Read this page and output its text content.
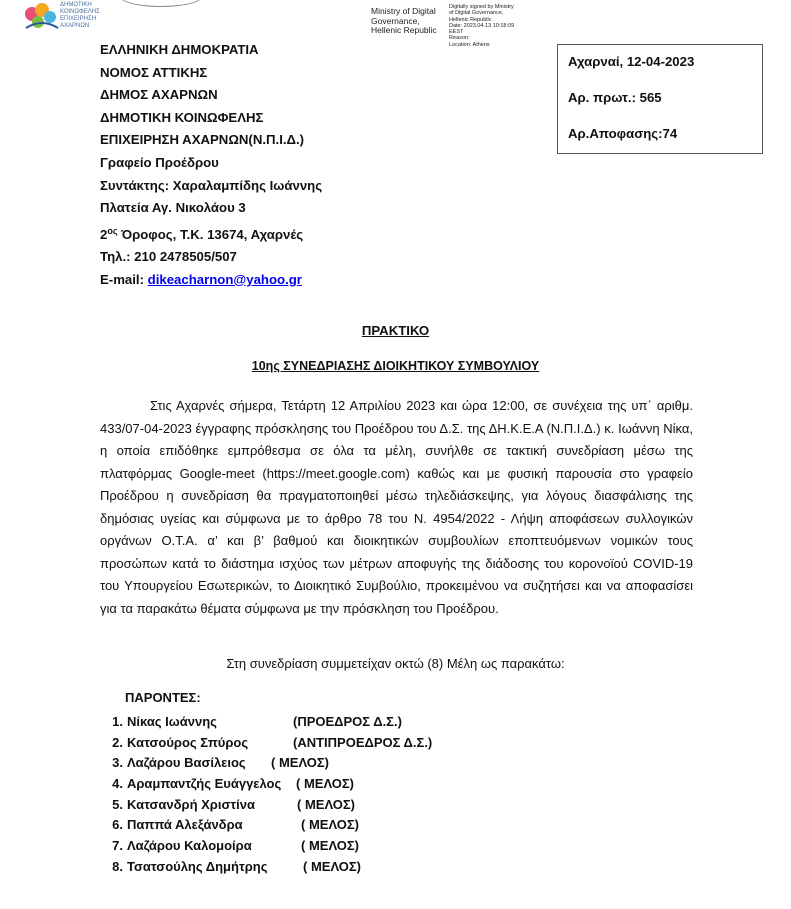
ΔΗΜΟΤΙΚΗ
ΚΟΙΝΩΦΕΛΗΣ
ΕΠΙΧΕΙΡΗΣΗ
ΑΧΑΡΝΩΝ
Ministry of Digital
Governance,
Hellenic Republic
Digitally signed by Ministry
of Digital Governance,
Hellenic Republic
Date: 2023.04.13 10:18:09
EEST
Reason:
Location: Athens
ΕΛΛΗΝΙΚΗ ΔΗΜΟΚΡΑΤΙΑ
ΝΟΜΟΣ ΑΤΤΙΚΗΣ
ΔΗΜΟΣ ΑΧΑΡΝΩΝ
ΔΗΜΟΤΙΚΗ ΚΟΙΝΩΦΕΛΗΣ
ΕΠΙΧΕΙΡΗΣΗ ΑΧΑΡΝΩΝ(Ν.Π.Ι.Δ.)
Γραφείο Προέδρου
Συντάκτης: Χαραλαμπίδης Ιωάννης
Πλατεία Αγ. Νικολάου 3
$2^{o\varsigma}$ Όροφος, Τ.Κ. 13674, Αχαρνές
Τηλ.: 210 2478505/507
E-mail: dikeacharnon@yahoo.gr
Αχαρναί, 12-04-2023
Αρ. πρωτ.: 565
Αρ.Αποφασης:74
ΠΡΑΚΤΙΚΟ
10ης ΣΥΝΕΔΡΙΑΣΗΣ ΔΙΟΙΚΗΤΙΚΟΥ ΣΥΜΒΟΥΛΙΟΥ
Στις Αχαρνές σήμερα, Τετάρτη 12 Απριλίου 2023 και ώρα 12:00, σε συνέχεια της υπ΄ αριθμ. 433/07-04-2023 έγγραφης πρόσκλησης του Προέδρου του Δ.Σ. της ΔΗ.Κ.Ε.Α (Ν.Π.Ι.Δ.) κ. Ιωάννη Νίκα, η οποία επιδόθηκε εμπρόθεσμα σε όλα τα μέλη, συνήλθε σε τακτική συνεδρίαση μέσω της πλατφόρμας Google-meet (https://meet.google.com) καθώς και με φυσική παρουσία στο γραφείο Προέδρου η συνεδρίαση θα πραγματοποιηθεί μέσω τηλεδιάσκεψης, για λόγους διασφάλισης της δημόσιας υγείας και σύμφωνα με το άρθρο 78 του Ν. 4954/2022 - Λήψη αποφάσεων συλλογικών οργάνων Ο.Τ.Α. α’ και β’ βαθμού και διοικητικών συμβουλίων εποπτευόμενων νομικών τους προσώπων κατά το διάστημα ισχύος των μέτρων αποφυγής της διάδοσης του κορονοϊού COVID-19 του Υπουργείου Εσωτερικών, το Διοικητικό Συμβούλιο, προκειμένου να συζητήσει και να αποφασίσει για τα παρακάτω θέματα σύμφωνα με την πρόσκληση του Προέδρου.
Στη συνεδρίαση συμμετείχαν οκτώ (8) Μέλη ως παρακάτω:
ΠΑΡΟΝΤΕΣ:
1. Νίκας Ιωάννης	(ΠΡΟΕΔΡΟΣ Δ.Σ.)
2. Κατσούρος Σπύρος	(ΑΝΤΙΠΡΟΕΔΡΟΣ Δ.Σ.)
3. Λαζάρου Βασίλειος ( ΜΕΛΟΣ)
4. Αραμπαντζής Ευάγγελος ( ΜΕΛΟΣ)
5. Κατσανδρή Χριστίνα	( ΜΕΛΟΣ)
6. Παππά Αλεξάνδρα	( ΜΕΛΟΣ)
7. Λαζάρου Καλομοίρα	( ΜΕΛΟΣ)
8. Τσατσούλης Δημήτρης	( ΜΕΛΟΣ)
